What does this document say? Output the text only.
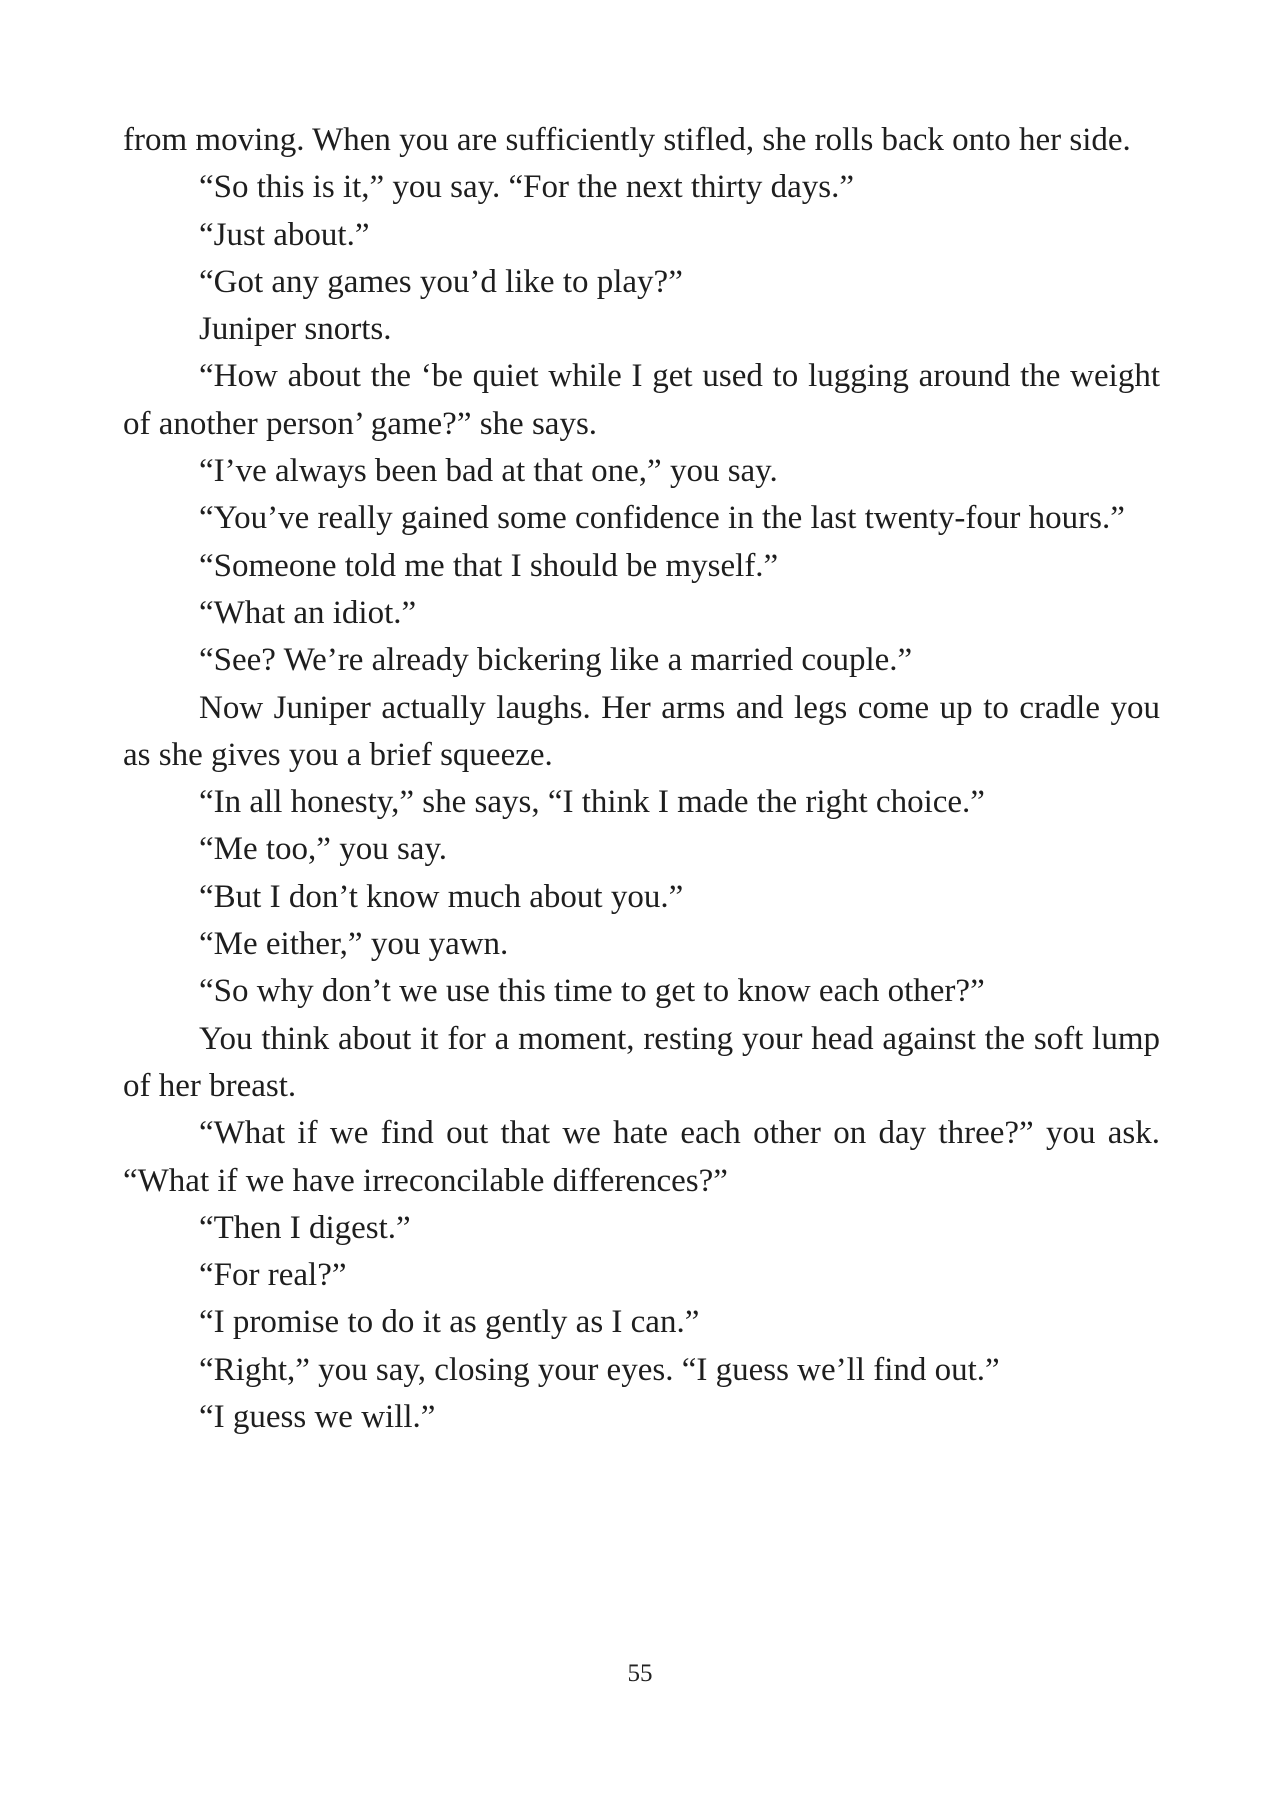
from moving. When you are sufficiently stifled, she rolls back onto her side.

“So this is it,” you say. “For the next thirty days.”

“Just about.”

“Got any games you’d like to play?”

Juniper snorts.

“How about the ‘be quiet while I get used to lugging around the weight of another person’ game?” she says.

“I’ve always been bad at that one,” you say.

“You’ve really gained some confidence in the last twenty-four hours.”

“Someone told me that I should be myself.”

“What an idiot.”

“See? We’re already bickering like a married couple.”

Now Juniper actually laughs. Her arms and legs come up to cradle you as she gives you a brief squeeze.

“In all honesty,” she says, “I think I made the right choice.”

“Me too,” you say.

“But I don’t know much about you.”

“Me either,” you yawn.

“So why don’t we use this time to get to know each other?”

You think about it for a moment, resting your head against the soft lump of her breast.

“What if we find out that we hate each other on day three?” you ask. “What if we have irreconcilable differences?”

“Then I digest.”

“For real?”

“I promise to do it as gently as I can.”

“Right,” you say, closing your eyes. “I guess we’ll find out.”

“I guess we will.”

55
